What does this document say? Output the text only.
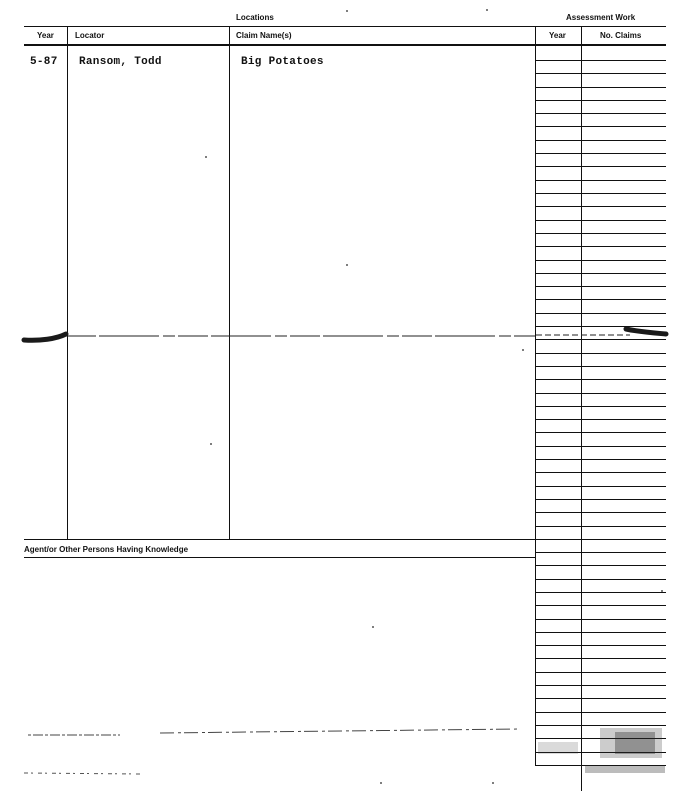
Locations	Assessment Work
Year	Locator	Claim Name(s)	Year	No. Claims
5-87 Ransom, Todd	Big Potatoes
Agent/or Other Persons Having Knowledge
